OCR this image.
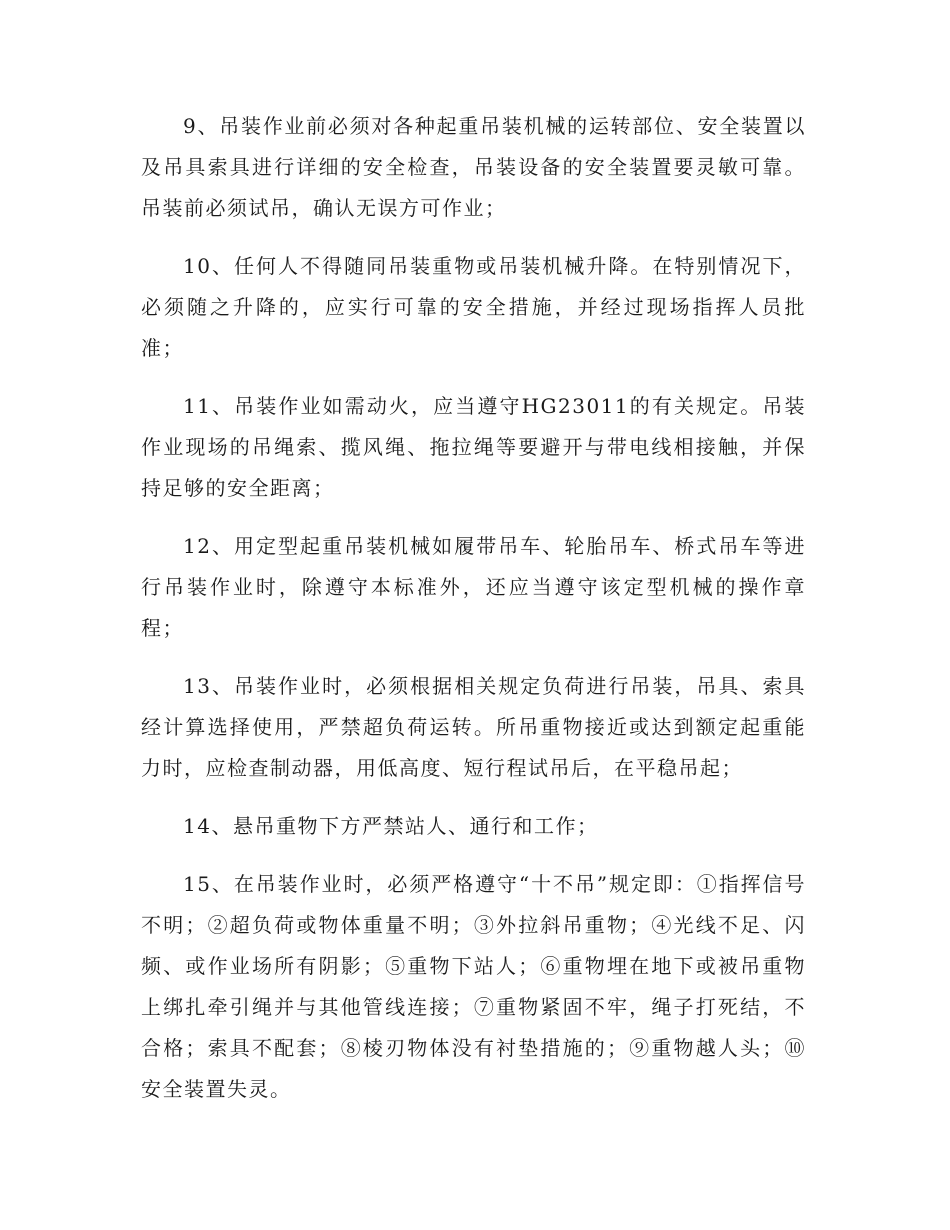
9、吊装作业前必须对各种起重吊装机械的运转部位、安全装置以及吊具索具进行详细的安全检查，吊装设备的安全装置要灵敏可靠。吊装前必须试吊，确认无误方可作业；

10、任何人不得随同吊装重物或吊装机械升降。在特别情况下，必须随之升降的，应实行可靠的安全措施，并经过现场指挥人员批准；

11、吊装作业如需动火，应当遵守HG23011的有关规定。吊装作业现场的吊绳索、揽风绳、拖拉绳等要避开与带电线相接触，并保持足够的安全距离；

12、用定型起重吊装机械如履带吊车、轮胎吊车、桥式吊车等进行吊装作业时，除遵守本标准外，还应当遵守该定型机械的操作章程；

13、吊装作业时，必须根据相关规定负荷进行吊装，吊具、索具经计算选择使用，严禁超负荷运转。所吊重物接近或达到额定起重能力时，应检查制动器，用低高度、短行程试吊后，在平稳吊起；

14、悬吊重物下方严禁站人、通行和工作；

15、在吊装作业时，必须严格遵守“十不吊”规定即：①指挥信号不明；②超负荷或物体重量不明；③外拉斜吊重物；④光线不足、闪频、或作业场所有阴影；⑤重物下站人；⑥重物埋在地下或被吊重物上绑扎牵引绳并与其他管线连接；⑦重物紧固不牢，绳子打死结，不合格；索具不配套；⑧棱刃物体没有衬垫措施的；⑨重物越人头；⑩安全装置失灵。
